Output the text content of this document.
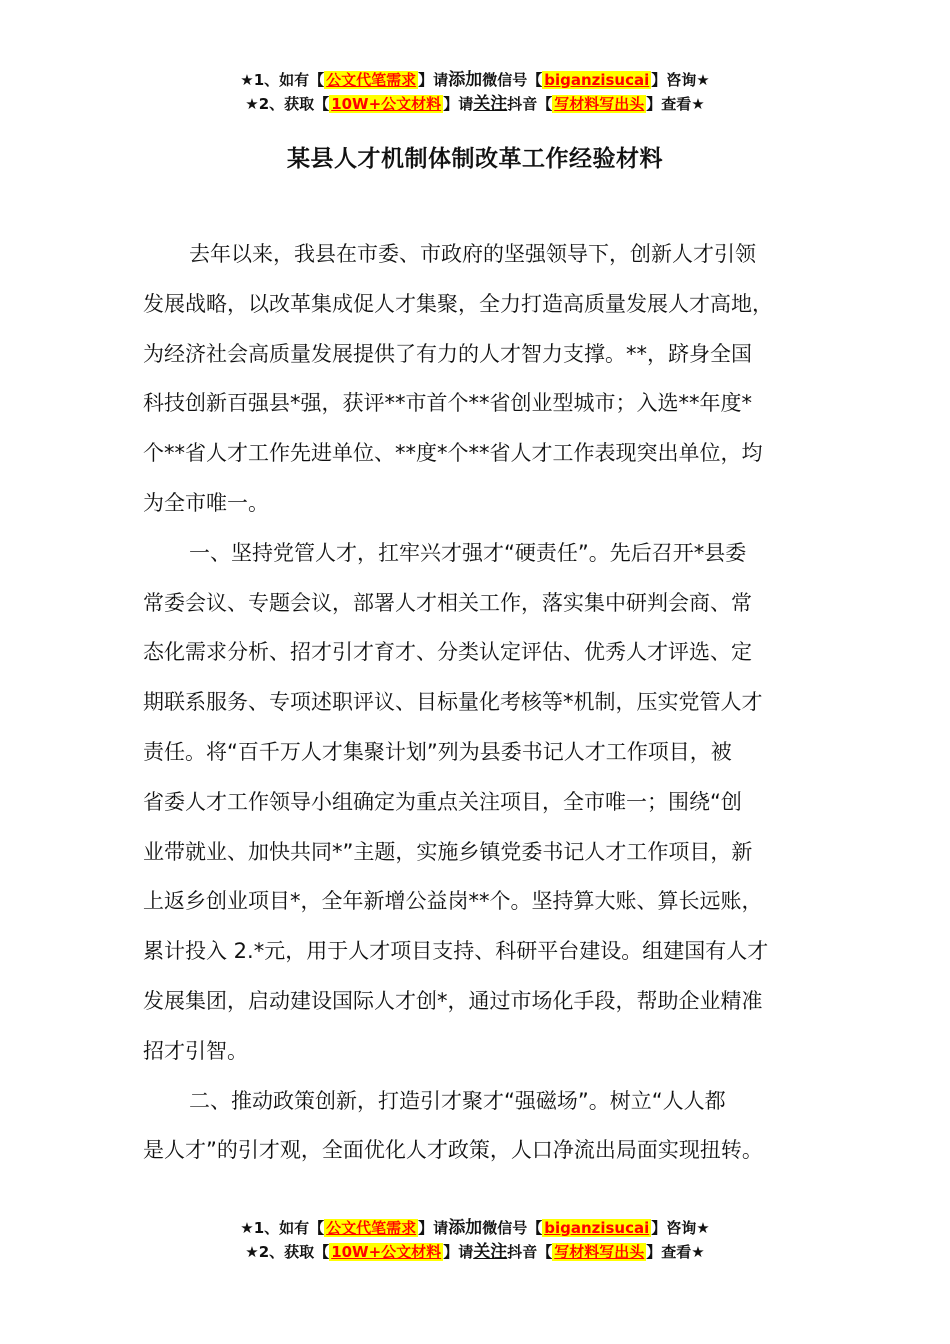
★1、如有【 公文代笔需求 】请添加微信号【 biganzisucai 】咨询★
★2、获取【 10W+公文材料 】请关注抖音【 写材料写出头 】查看★
某县人才机制体制改革工作经验材料

去年以来，我县在市委、市政府的坚强领导下，创新人才引领
发展战略，以改革集成促人才集聚，全力打造高质量发展人才高地，
为经济社会高质量发展提供了有力的人才智力支撑。**，跻身全国
科技创新百强县*强，获评**市首个**省创业型城市；入选**年度*
个**省人才工作先进单位、**度*个**省人才工作表现突出单位，均
为全市唯一。

一、坚持党管人才，扛牢兴才强才“硬责任”。先后召开*县委
常委会议、专题会议，部署人才相关工作，落实集中研判会商、常
态化需求分析、招才引才育才、分类认定评估、优秀人才评选、定
期联系服务、专项述职评议、目标量化考核等*机制，压实党管人才
责任。将“百千万人才集聚计划”列为县委书记人才工作项目，被
省委人才工作领导小组确定为重点关注项目，全市唯一；围绕“创
业带就业、加快共同*”主题，实施乡镇党委书记人才工作项目，新
上返乡创业项目*，全年新增公益岗**个。坚持算大账、算长远账，
累计投入 2.*元，用于人才项目支持、科研平台建设。组建国有人才
发展集团，启动建设国际人才创*，通过市场化手段，帮助企业精准
招才引智。

二、推动政策创新，打造引才聚才“强磁场”。树立“人人都
是人才”的引才观，全面优化人才政策，人口净流出局面实现扭转。

★1、如有【 公文代笔需求 】请添加微信号【 biganzisucai 】咨询★
★2、获取【 10W+公文材料 】请关注抖音【 写材料写出头 】查看★
